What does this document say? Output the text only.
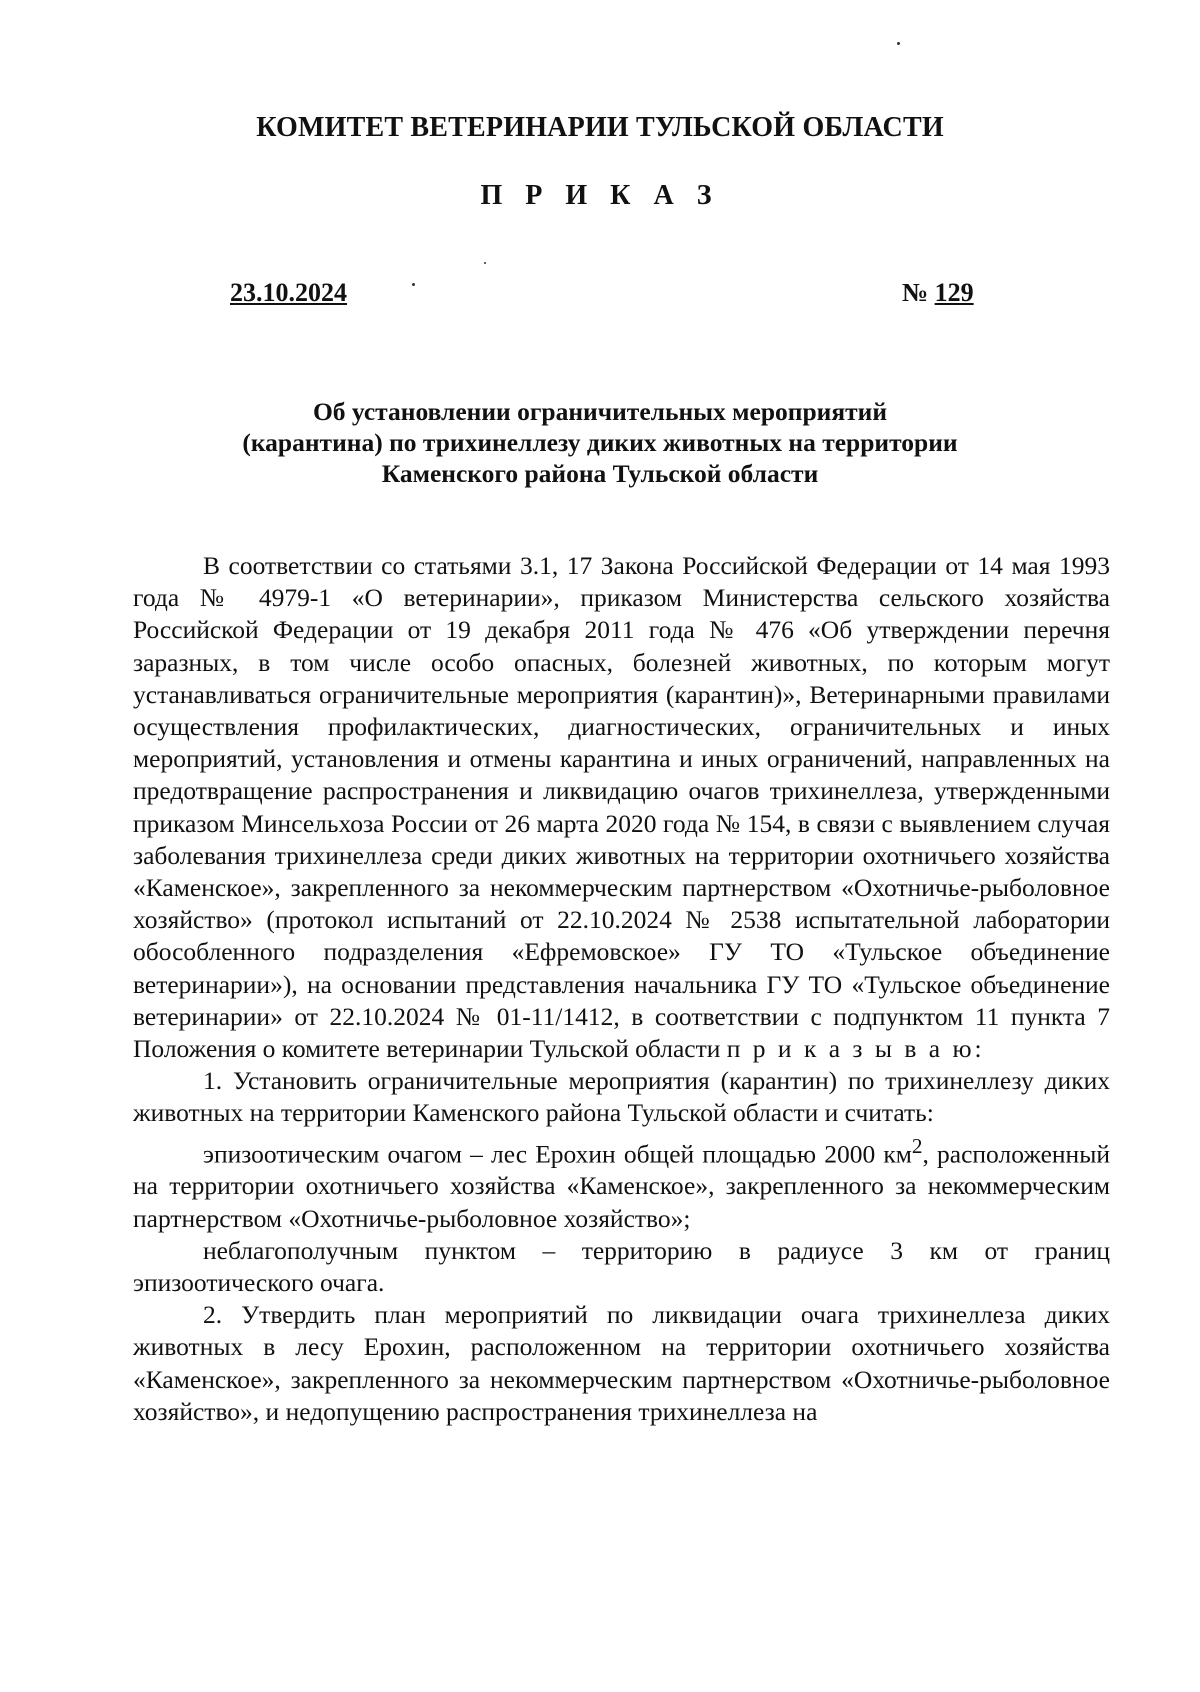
КОМИТЕТ ВЕТЕРИНАРИИ ТУЛЬСКОЙ ОБЛАСТИ
П Р И К А З
23.10.2024	№ 129
Об установлении ограничительных мероприятий
(карантина) по трихинеллезу диких животных на территории
Каменского района Тульской области

В соответствии со статьями 3.1, 17 Закона Российской Федерации от 14 мая 1993 года № 4979-1 «О ветеринарии», приказом Министерства сельского хозяйства Российской Федерации от 19 декабря 2011 года № 476 «Об утверждении перечня заразных, в том числе особо опасных, болезней животных, по которым могут устанавливаться ограничительные мероприятия (карантин)», Ветеринарными правилами осуществления профилактических, диагностических, ограничительных и иных мероприятий, установления и отмены карантина и иных ограничений, направленных на предотвращение распространения и ликвидацию очагов трихинеллеза, утвержденными приказом Минсельхоза России от 26 марта 2020 года № 154, в связи с выявлением случая заболевания трихинеллеза среди диких животных на территории охотничьего хозяйства «Каменское», закрепленного за некоммерческим партнерством «Охотничье-рыболовное хозяйство» (протокол испытаний от 22.10.2024 № 2538 испытательной лаборатории обособленного подразделения «Ефремовское» ГУ ТО «Тульское объединение ветеринарии»), на основании представления начальника ГУ ТО «Тульское объединение ветеринарии» от 22.10.2024 № 01-11/1412, в соответствии с подпунктом 11 пункта 7 Положения о комитете ветеринарии Тульской области п р и к а з ы в а ю:

1. Установить ограничительные мероприятия (карантин) по трихинеллезу диких животных на территории Каменского района Тульской области и считать:

эпизоотическим очагом – лес Ерохин общей площадью 2000 $км^2$, расположенный на территории охотничьего хозяйства «Каменское», закрепленного за некоммерческим партнерством «Охотничье-рыболовное хозяйство»;

неблагополучным пунктом – территорию в радиусе 3 км от границ эпизоотического очага.

2. Утвердить план мероприятий по ликвидации очага трихинеллеза диких животных в лесу Ерохин, расположенном на территории охотничьего хозяйства «Каменское», закрепленного за некоммерческим партнерством «Охотничье-рыболовное хозяйство», и недопущению распространения трихинеллеза на
